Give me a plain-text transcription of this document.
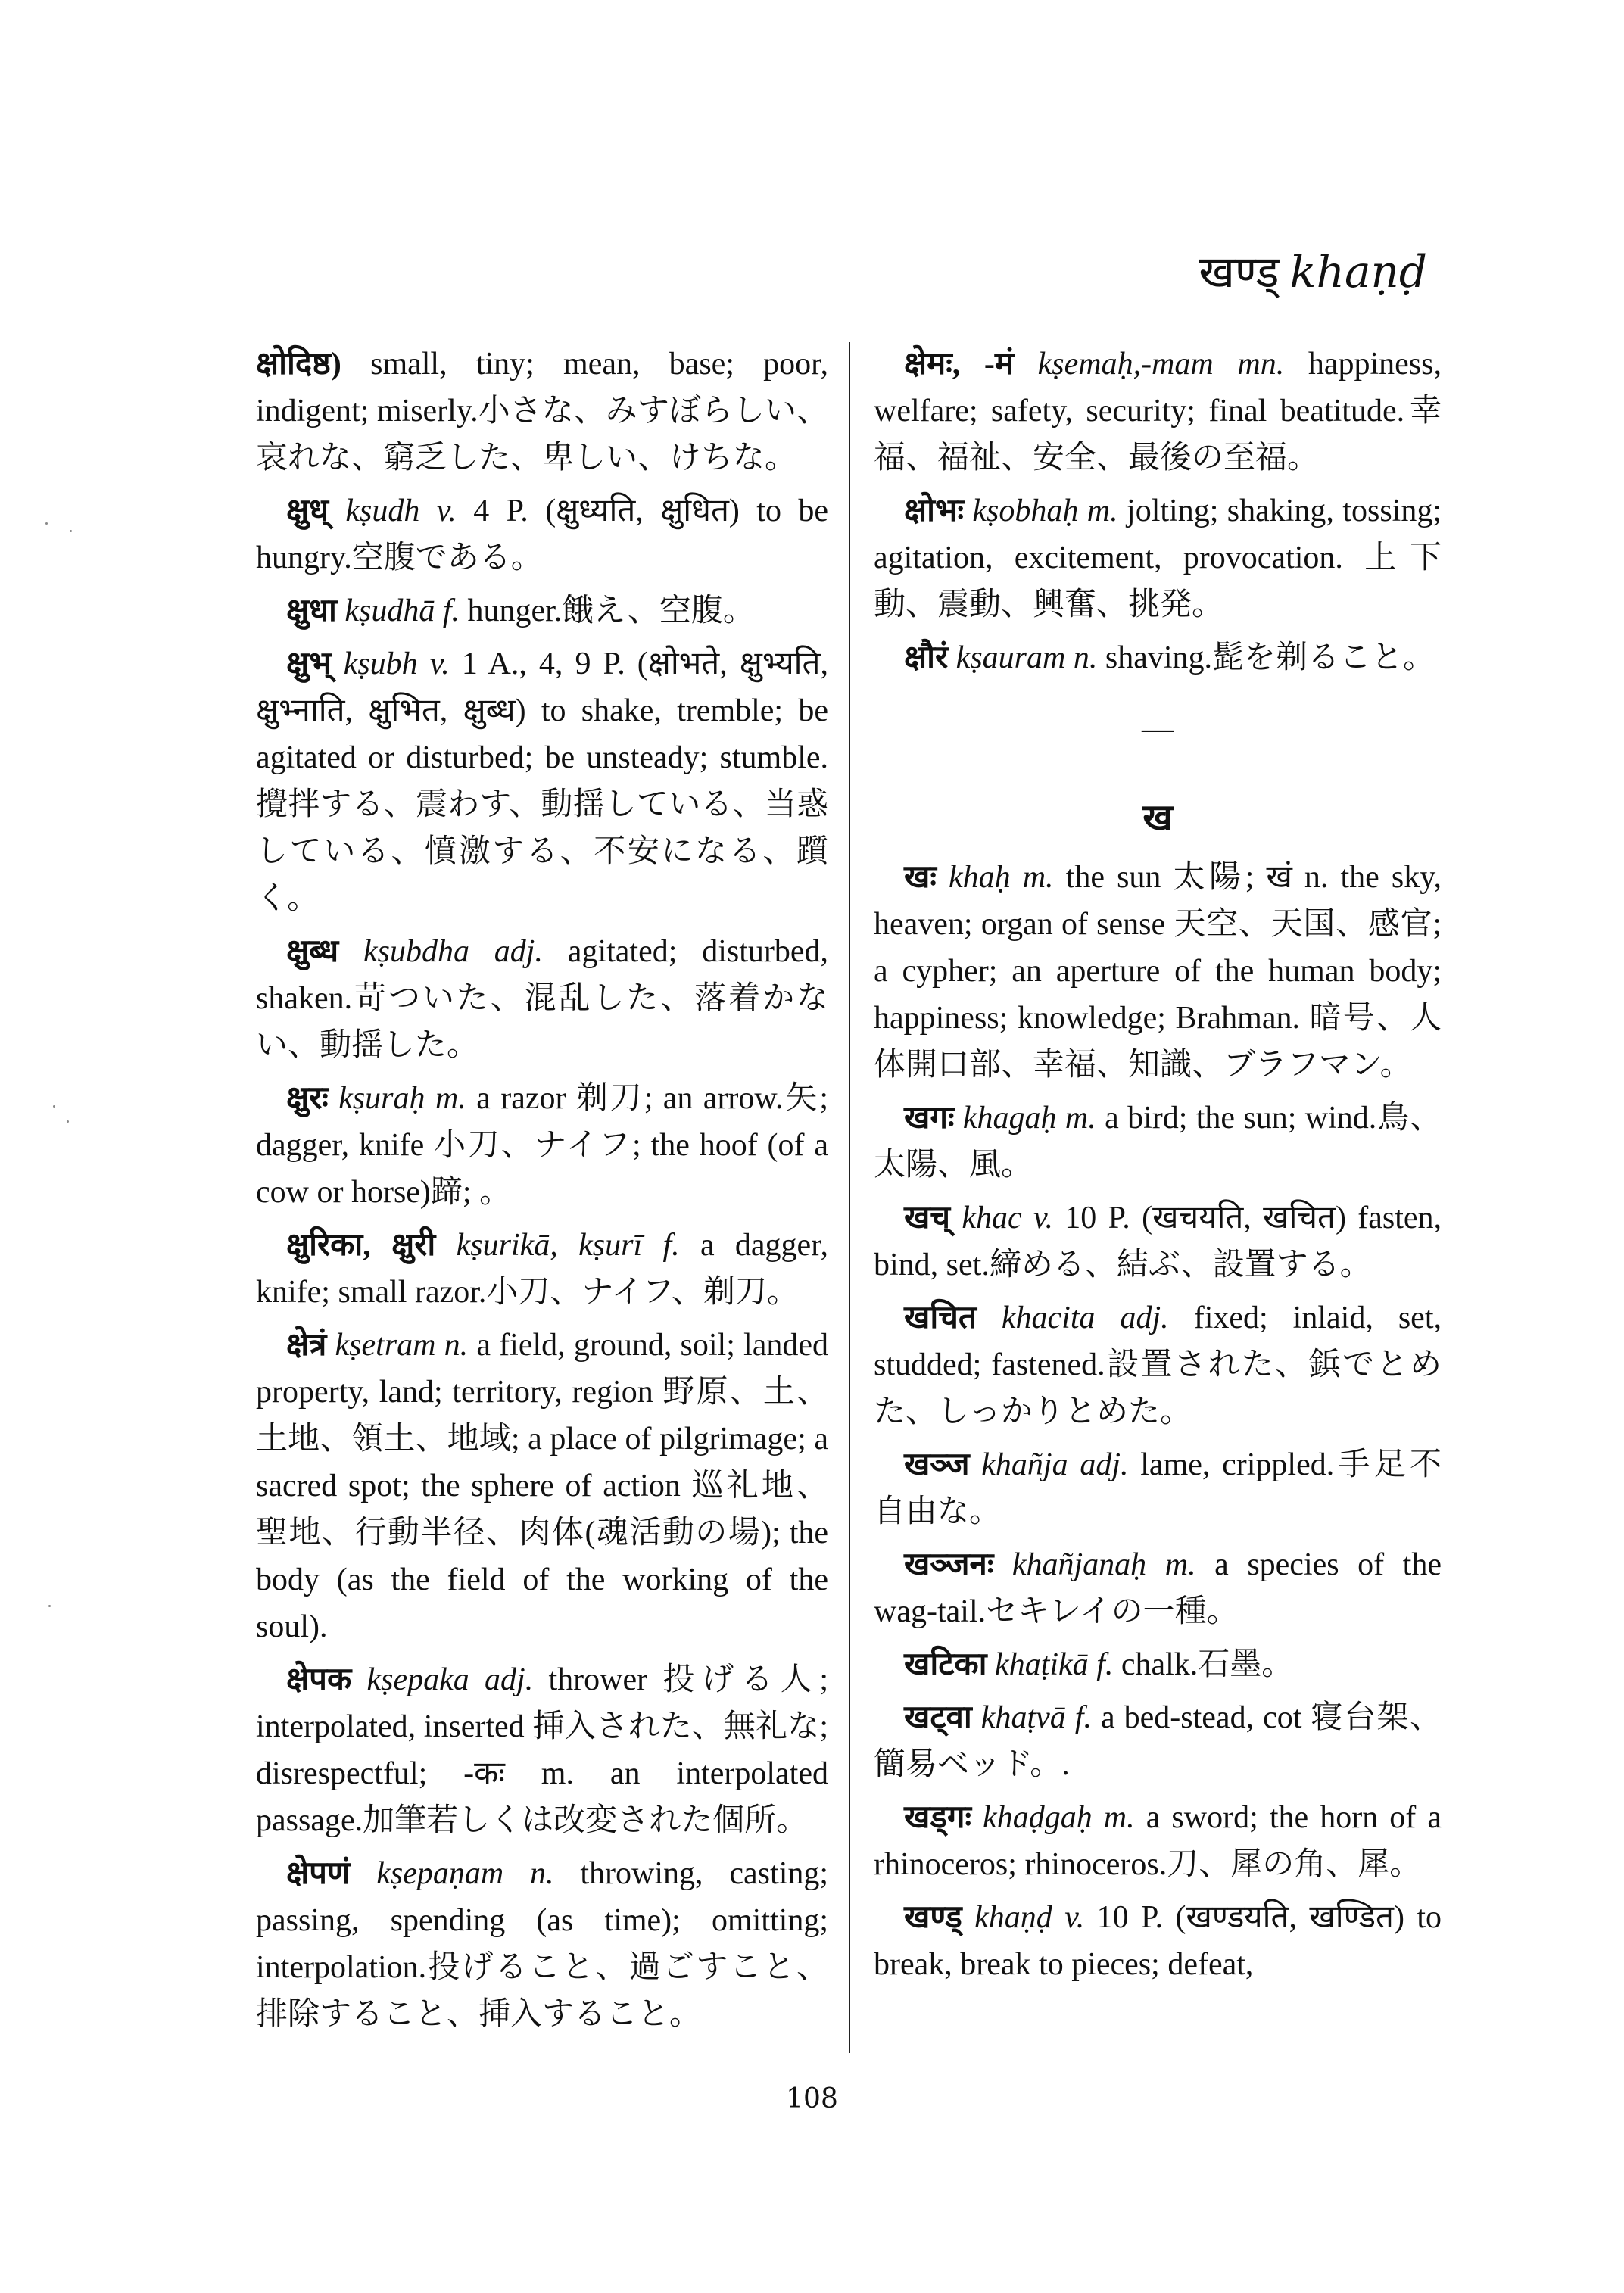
खण्ड् khaṇḍ

क्षोदिष्ठ) small, tiny; mean, base; poor, indigent; miserly.小さな、みすぼらしい、哀れな、窮乏した、卑しい、けちな。

क्षुध् kṣudh v. 4 P. (क्षुध्यति, क्षुधित) to be hungry.空腹である。

क्षुधा kṣudhā f. hunger.餓え、空腹。

क्षुभ् kṣubh v. 1 A., 4, 9 P. (क्षोभते, क्षुभ्यति, क्षुभ्नाति, क्षुभित, क्षुब्ध) to shake, tremble; be agitated or disturbed; be unsteady; stumble.攪拌する、震わす、動揺している、当惑している、憤激する、不安になる、躓く。

क्षुब्ध kṣubdha adj. agitated; disturbed, shaken.苛ついた、混乱した、落着かない、動揺した。

क्षुरः kṣuraḥ m. a razor 剃刀; an arrow.矢; dagger, knife 小刀、ナイフ; the hoof (of a cow or horse)蹄; 。

क्षुरिका, क्षुरी kṣurikā, kṣurī f. a dagger, knife; small razor.小刀、ナイフ、剃刀。

क्षेत्रं kṣetram n. a field, ground, soil; landed property, land; territory, region 野原、土、土地、領土、地域; a place of pilgrimage; a sacred spot; the sphere of action 巡礼地、聖地、行動半径、肉体(魂活動の場); the body (as the field of the working of the soul).

क्षेपक kṣepaka adj. thrower 投げる人; interpolated, inserted 挿入された、無礼な; disrespectful; -कः m. an interpolated passage.加筆若しくは改変された個所。

क्षेपणं kṣepaṇam n. throwing, casting; passing, spending (as time); omitting; interpolation.投げること、過ごすこと、排除すること、挿入すること。

क्षेमः, -मं kṣemaḥ,-mam mn. happiness, welfare; safety, security; final beatitude.幸福、福祉、安全、最後の至福。

क्षोभः kṣobhaḥ m. jolting; shaking, tossing; agitation, excitement, provocation. 上下動、震動、興奮、挑発。

क्षौरं kṣauram n. shaving.髭を剃ること。

—
ख

खः khaḥ m. the sun 太陽; खं n. the sky, heaven; organ of sense 天空、天国、感官; a cypher; an aperture of the human body; happiness; knowledge; Brahman. 暗号、人体開口部、幸福、知識、ブラフマン。

खगः khagaḥ m. a bird; the sun; wind.鳥、太陽、風。

खच् khac v. 10 P. (खचयति, खचित) fasten, bind, set.締める、結ぶ、設置する。

खचित khacita adj. fixed; inlaid, set, studded; fastened.設置された、鋲でとめた、しっかりとめた。

खञ्ज khañja adj. lame, crippled.手足不自由な。

खञ्जनः khañjanaḥ m. a species of the wag-tail.セキレイの一種。

खटिका khaṭikā f. chalk.石墨。

खट्वा khaṭvā f. a bed-stead, cot 寝台架、簡易ベッド。.

खड्गः khaḍgaḥ m. a sword; the horn of a rhinoceros; rhinoceros.刀、犀の角、犀。

खण्ड् khaṇḍ v. 10 P. (खण्डयति, खण्डित) to break, break to pieces; defeat,

108
